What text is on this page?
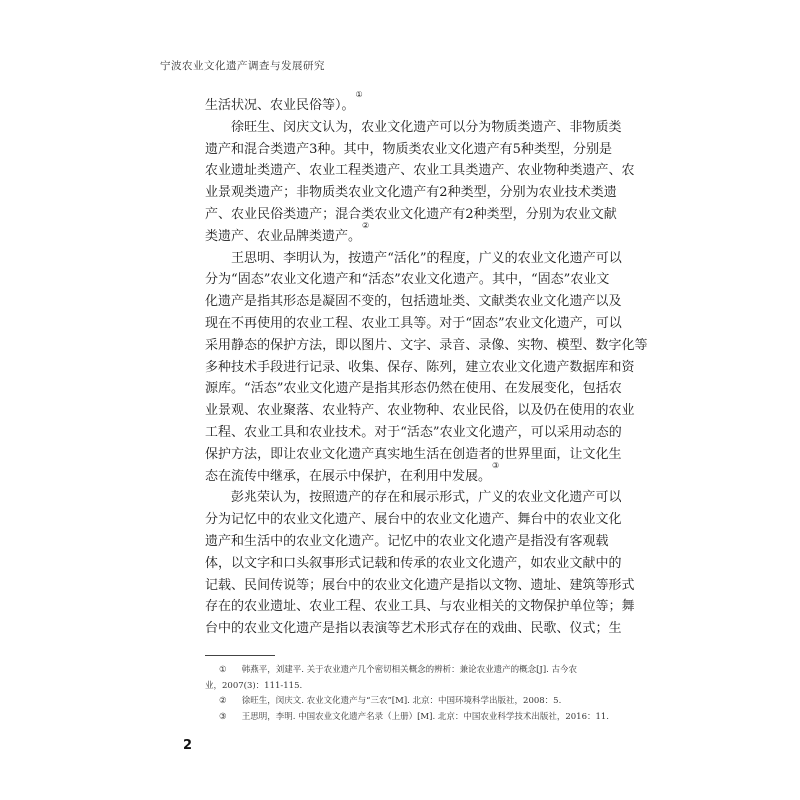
宁波农业文化遗产调查与发展研究
生活状况、农业民俗等）。
①
徐 旺 生 、 闵 庆 文 认 为 ， 农 业 文 化 遗 产 可 以 分 为 物 质 类 遗 产 、 非 物 质 类
遗 产 和 混 合 类 遗 产 3 种 。 其 中 ， 物 质 类 农 业 文 化 遗 产 有 5 种 类 型 ， 分 别 是
农 业 遗 址 类 遗 产 、 农 业 工 程 类 遗 产 、 农 业 工 具 类 遗 产 、 农 业 物 种 类 遗 产 、 农
业 景 观 类 遗 产 ； 非 物 质 类 农 业 文 化 遗 产 有 2 种 类 型 ， 分 别 为 农 业 技 术 类 遗
产 、 农 业 民 俗 类 遗 产 ； 混 合 类 农 业 文 化 遗 产 有 2 种 类 型 ， 分 别 为 农 业 文 献
类遗产、农业品牌类遗产。
②
王 思 明 、 李 明 认 为 ， 按 遗 产 “ 活 化 ” 的 程 度 ， 广 义 的 农 业 文 化 遗 产 可 以
分 为 “ 固 态 ” 农 业 文 化 遗 产 和 “ 活 态 ” 农 业 文 化 遗 产 。 其 中 ， “ 固 态 ” 农 业 文
化 遗 产 是 指 其 形 态 是 凝 固 不 变 的 ， 包 括 遗 址 类 、 文 献 类 农 业 文 化 遗 产 以 及
现 在 不 再 使 用 的 农 业 工 程 、 农 业 工 具 等 。 对 于 “ 固 态 ” 农 业 文 化 遗 产 ， 可 以
采 用 静 态 的 保 护 方 法 ， 即 以 图 片 、 文 字 、 录 音 、 录 像 、 实 物 、 模 型 、 数 字 化 等
多 种 技 术 手 段 进 行 记 录 、 收 集 、 保 存 、 陈 列 ， 建 立 农 业 文 化 遗 产 数 据 库 和 资
源 库 。 “ 活 态 ” 农 业 文 化 遗 产 是 指 其 形 态 仍 然 在 使 用 、 在 发 展 变 化 ， 包 括 农
业 景 观 、 农 业 聚 落 、 农 业 特 产 、 农 业 物 种 、 农 业 民 俗 ， 以 及 仍 在 使 用 的 农 业
工 程 、 农 业 工 具 和 农 业 技 术 。 对 于 “ 活 态 ” 农 业 文 化 遗 产 ， 可 以 采 用 动 态 的
保 护 方 法 ， 即 让 农 业 文 化 遗 产 真 实 地 生 活 在 创 造 者 的 世 界 里 面 ， 让 文 化 生
态在流传中继承，在展示中保护，在利用中发展。
③
彭 兆 荣 认 为 ， 按 照 遗 产 的 存 在 和 展 示 形 式 ， 广 义 的 农 业 文 化 遗 产 可 以
分 为 记 忆 中 的 农 业 文 化 遗 产 、 展 台 中 的 农 业 文 化 遗 产 、 舞 台 中 的 农 业 文 化
遗 产 和 生 活 中 的 农 业 文 化 遗 产 。 记 忆 中 的 农 业 文 化 遗 产 是 指 没 有 客 观 载
体 ， 以 文 字 和 口 头 叙 事 形 式 记 载 和 传 承 的 农 业 文 化 遗 产 ， 如 农 业 文 献 中 的
记 载 、 民 间 传 说 等 ； 展 台 中 的 农 业 文 化 遗 产 是 指 以 文 物 、 遗 址 、 建 筑 等 形 式
存 在 的 农 业 遗 址 、 农 业 工 程 、 农 业 工 具 、 与 农 业 相 关 的 文 物 保 护 单 位 等 ； 舞
台 中 的 农 业 文 化 遗 产 是 指 以 表 演 等 艺 术 形 式 存 在 的 戏 曲 、 民 歌 、 仪 式 ； 生
① 韩燕平，刘建平. 关于农业遗产几个密切相关概念的辨析：兼论农业遗产的概念[J]. 古今农
业，2007(3)：111-115.
② 徐旺生，闵庆文. 农业文化遗产与“三农”[M]. 北京：中国环境科学出版社，2008：5.
③ 王思明，李明. 中国农业文化遗产名录（上册）[M]. 北京：中国农业科学技术出版社，2016：11.
2
